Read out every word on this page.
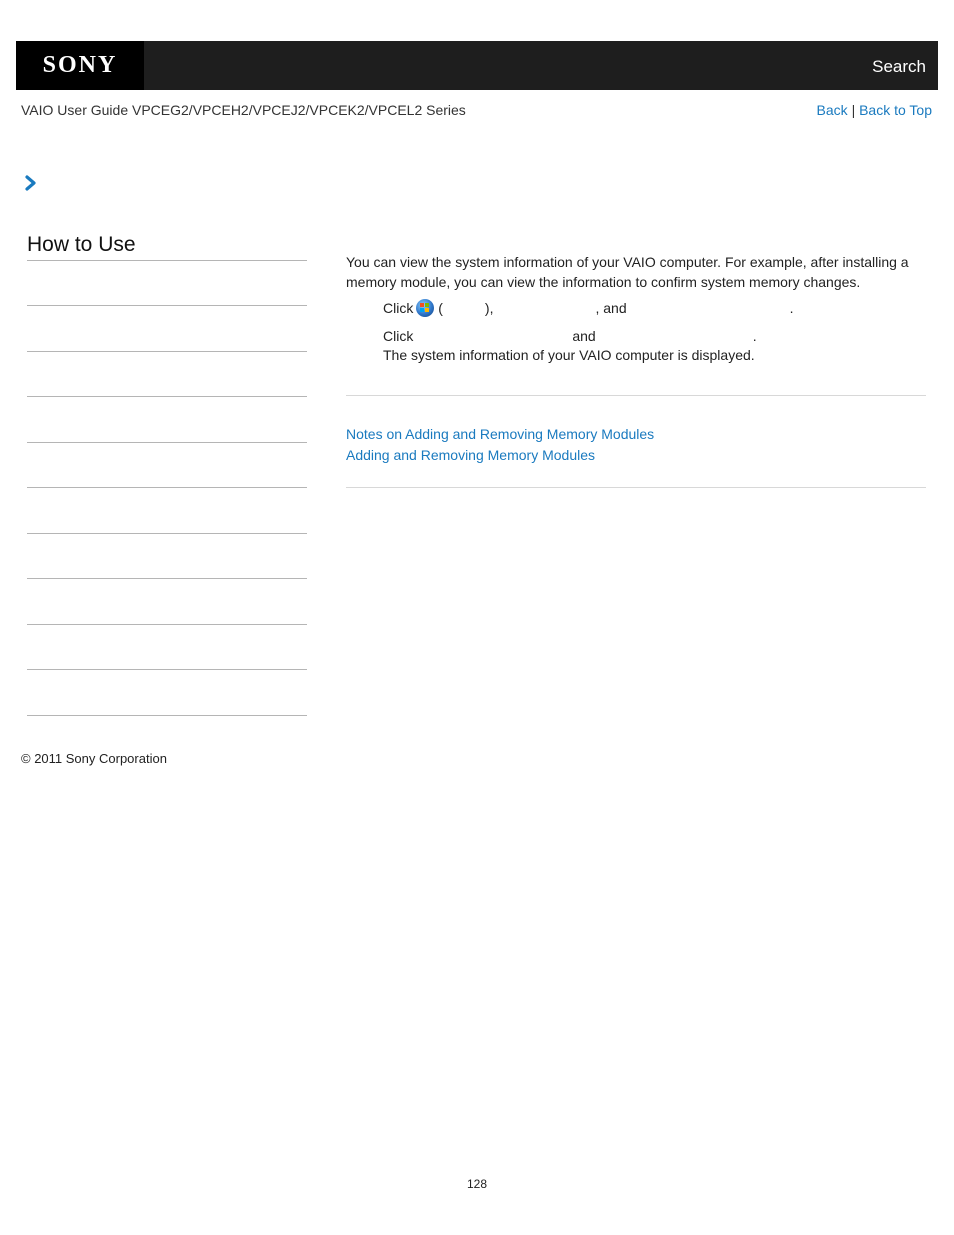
SONY	Search
VAIO User Guide VPCEG2/VPCEH2/VPCEJ2/VPCEK2/VPCEL2 Series	Back | Back to Top
How to Use

You can view the system information of your VAIO computer. For example, after installing a memory module, you can view the information to confirm system memory changes.

Click (	),	, and	.
Click	and	.
The system information of your VAIO computer is displayed.
Notes on Adding and Removing Memory Modules
Adding and Removing Memory Modules
© 2011 Sony Corporation
128
